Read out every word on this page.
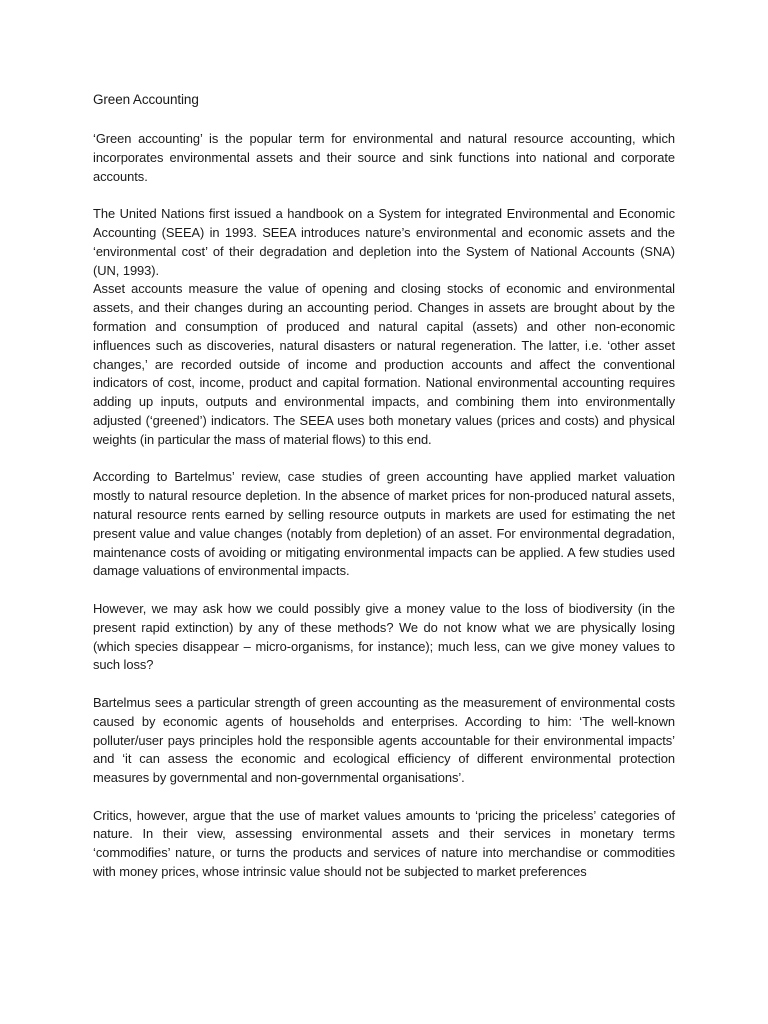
Green Accounting

‘Green accounting’ is the popular term for environmental and natural resource accounting, which incorporates environmental assets and their source and sink functions into national and corporate accounts.

The United Nations first issued a handbook on a System for integrated Environmental and Economic Accounting (SEEA) in 1993. SEEA introduces nature’s environmental and economic assets and the ‘environmental cost’ of their degradation and depletion into the System of National Accounts (SNA) (UN, 1993).

Asset accounts measure the value of opening and closing stocks of economic and environmental assets, and their changes during an accounting period. Changes in assets are brought about by the formation and consumption of produced and natural capital (assets) and other non-economic influences such as discoveries, natural disasters or natural regeneration. The latter, i.e. ‘other asset changes,’ are recorded outside of income and production accounts and affect the conventional indicators of cost, income, product and capital formation. National environmental accounting requires adding up inputs, outputs and environmental impacts, and combining them into environmentally adjusted (‘greened’) indicators. The SEEA uses both monetary values (prices and costs) and physical weights (in particular the mass of material flows) to this end.

According to Bartelmus’ review, case studies of green accounting have applied market valuation mostly to natural resource depletion. In the absence of market prices for non-produced natural assets, natural resource rents earned by selling resource outputs in markets are used for estimating the net present value and value changes (notably from depletion) of an asset. For environmental degradation, maintenance costs of avoiding or mitigating environmental impacts can be applied. A few studies used damage valuations of environmental impacts.

However, we may ask how we could possibly give a money value to the loss of biodiversity (in the present rapid extinction) by any of these methods? We do not know what we are physically losing (which species disappear – micro-organisms, for instance); much less, can we give money values to such loss?

Bartelmus sees a particular strength of green accounting as the measurement of environmental costs caused by economic agents of households and enterprises. According to him: ‘The well-known polluter/user pays principles hold the responsible agents accountable for their environmental impacts’ and ‘it can assess the economic and ecological efficiency of different environmental protection measures by governmental and non-governmental organisations’.

Critics, however, argue that the use of market values amounts to ‘pricing the priceless’ categories of nature. In their view, assessing environmental assets and their services in monetary terms ‘commodifies’ nature, or turns the products and services of nature into merchandise or commodities with money prices, whose intrinsic value should not be subjected to market preferences
